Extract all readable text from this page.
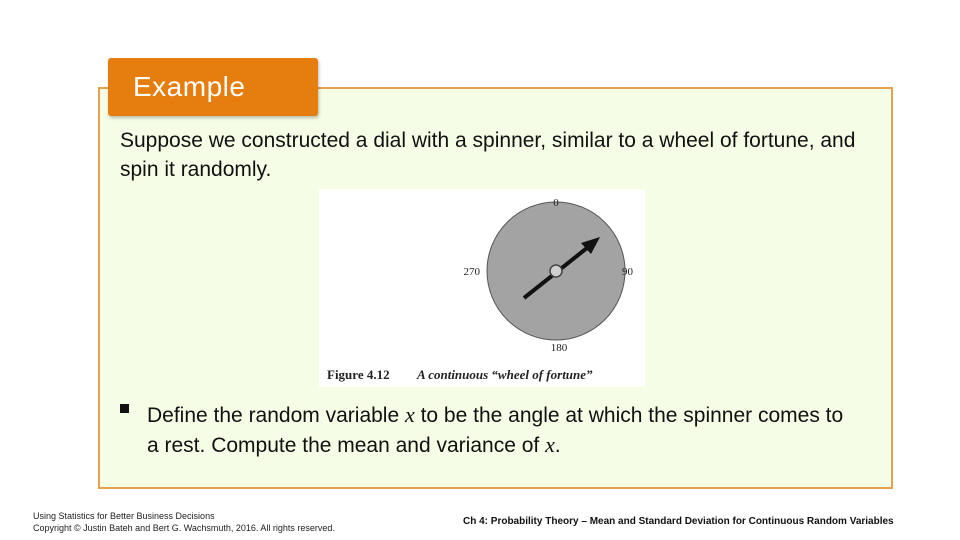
Example
Suppose we constructed a dial with a spinner, similar to a wheel of fortune, and spin it randomly.
0
90
180
270
Figure 4.12 A continuous “wheel of fortune”
Define the random variable x to be the angle at which the spinner comes to a rest. Compute the mean and variance of x.
Using Statistics for Better Business Decisions
Copyright © Justin Bateh and Bert G. Wachsmuth, 2016. All rights reserved.
Ch 4: Probability Theory – Mean and Standard Deviation for Continuous Random Variables
